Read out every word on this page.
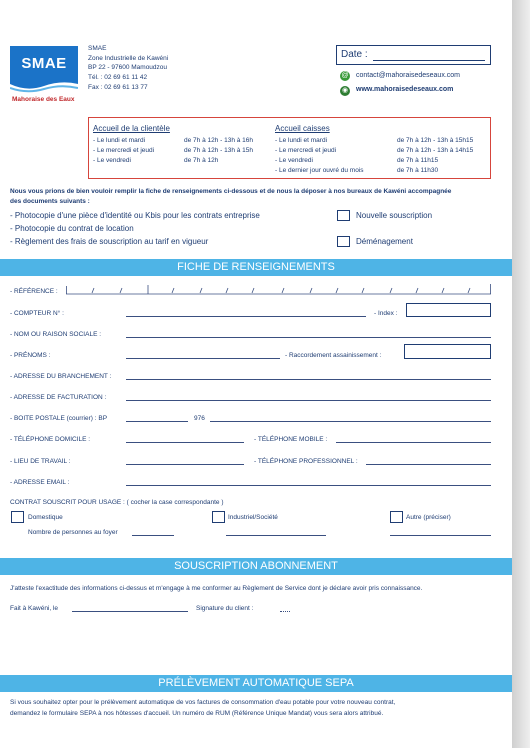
SMAE
Mahoraise des Eaux
SMAE
Zone Industrielle de Kawéni
BP 22 - 97600 Mamoudzou
Tél. : 02 69 61 11 42
Fax : 02 69 61 13 77
Date :
@ contact@mahoraisedeseaux.com
◉ www.mahoraisedeseaux.com
Accueil de la clientèle
- Le lundi et mardi	de 7h à 12h - 13h à 16h
- Le mercredi et jeudi	de 7h à 12h - 13h à 15h
- Le vendredi	de 7h à 12h
Accueil caisses
- Le lundi et mardi	de 7h à 12h - 13h à 15h15
- Le mercredi et jeudi	de 7h à 12h - 13h à 14h15
- Le vendredi	de 7h à 11h15
- Le dernier jour ouvré du mois	de 7h à 11h30
Nous vous prions de bien vouloir remplir la fiche de renseignements ci-dessous et de nous la déposer à nos bureaux de Kawéni accompagnée
des documents suivants :
- Photocopie d'une pièce d'identité ou Kbis pour les contrats entreprise
- Photocopie du contrat de location
- Règlement des frais de souscription au tarif en vigueur
Nouvelle souscription
Déménagement
FICHE DE RENSEIGNEMENTS
- RÉFÉRENCE :
- COMPTEUR N° :	- Index :
- NOM OU RAISON SOCIALE :
- PRÉNOMS :	- Raccordement assainissement :
- ADRESSE DU BRANCHEMENT :
- ADRESSE DE FACTURATION :
- BOITE POSTALE (courrier) : BP	976
- TÉLÉPHONE DOMICILE :	- TÉLÉPHONE MOBILE :
- LIEU DE TRAVAIL :	- TÉLÉPHONE PROFESSIONNEL :
- ADRESSE EMAIL :
CONTRAT SOUSCRIT POUR USAGE : ( cocher la case correspondante )
Domestique	Industriel/Société	Autre (préciser)
Nombre de personnes au foyer
SOUSCRIPTION ABONNEMENT
J'atteste l'exactitude des informations ci-dessus et m'engage à me conformer au Règlement de Service dont je déclare avoir pris connaissance.
Fait à Kawéni, le	Signature du client :
PRÉLÈVEMENT AUTOMATIQUE SEPA
Si vous souhaitez opter pour le prélèvement automatique de vos factures de consommation d'eau potable pour votre nouveau contrat,
demandez le formulaire SEPA à nos hôtesses d'accueil. Un numéro de RUM (Référence Unique Mandat) vous sera alors attribué.
